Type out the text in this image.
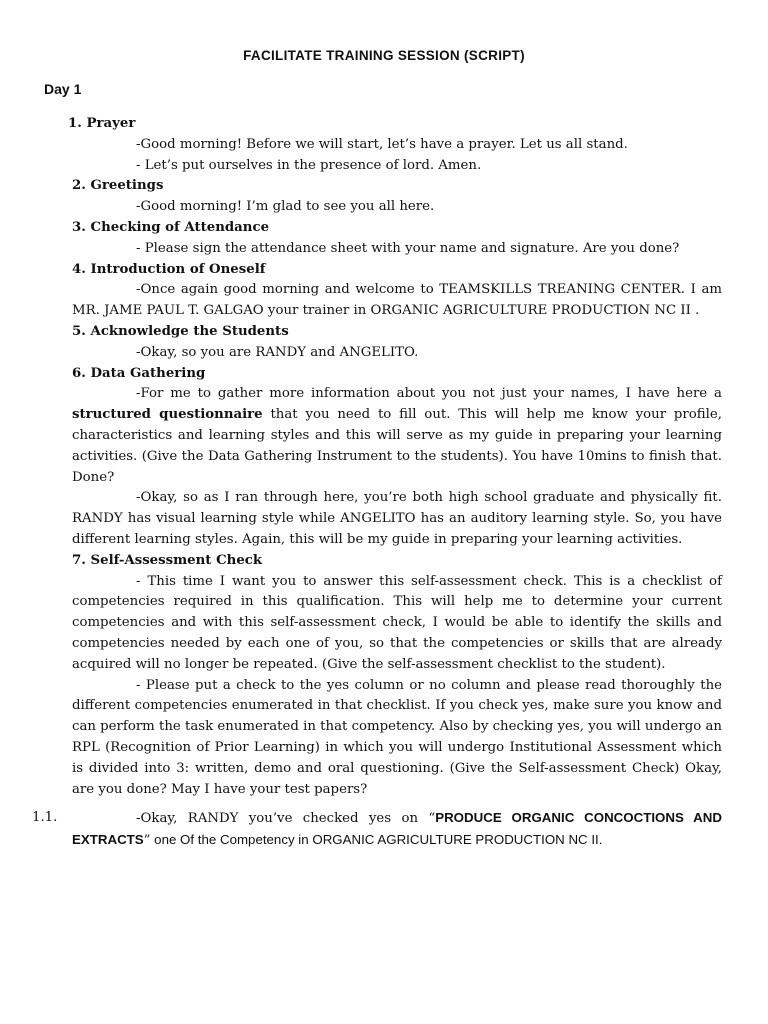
FACILITATE TRAINING SESSION (SCRIPT)
Day 1
1. Prayer
-Good morning! Before we will start, let’s have a prayer. Let us all stand.
- Let’s put ourselves in the presence of lord. Amen.
2. Greetings
-Good morning! I’m glad to see you all here.
3. Checking of Attendance
- Please sign the attendance sheet with your name and signature. Are you done?
4. Introduction of Oneself
-Once again good morning and welcome to TEAMSKILLS TREANING CENTER. I am MR. JAME PAUL T. GALGAO your trainer in ORGANIC AGRICULTURE PRODUCTION NC II .
5. Acknowledge the Students
-Okay, so you are RANDY and ANGELITO.
6. Data Gathering
-For me to gather more information about you not just your names, I have here a structured questionnaire that you need to fill out. This will help me know your profile, characteristics and learning styles and this will serve as my guide in preparing your learning activities. (Give the Data Gathering Instrument to the students). You have 10mins to finish that. Done?
-Okay, so as I ran through here, you’re both high school graduate and physically fit. RANDY has visual learning style while ANGELITO has an auditory learning style. So, you have different learning styles. Again, this will be my guide in preparing your learning activities.
7. Self-Assessment Check
- This time I want you to answer this self-assessment check. This is a checklist of competencies required in this qualification. This will help me to determine your current competencies and with this self-assessment check, I would be able to identify the skills and competencies needed by each one of you, so that the competencies or skills that are already acquired will no longer be repeated. (Give the self-assessment checklist to the student).
- Please put a check to the yes column or no column and please read thoroughly the different competencies enumerated in that checklist. If you check yes, make sure you know and can perform the task enumerated in that competency. Also by checking yes, you will undergo an RPL (Recognition of Prior Learning) in which you will undergo Institutional Assessment which is divided into 3: written, demo and oral questioning. (Give the Self-assessment Check) Okay, are you done? May I have your test papers?
1.1.	-Okay, RANDY you’ve checked yes on “PRODUCE ORGANIC CONCOCTIONS AND EXTRACTS” one Of the Competency in ORGANIC AGRICULTURE PRODUCTION NC II.
